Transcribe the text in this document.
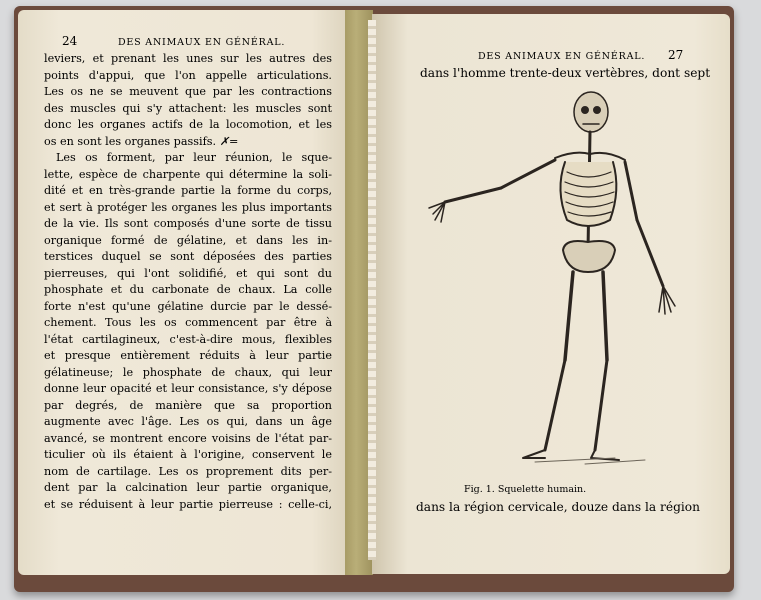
24	DES ANIMAUX EN GÉNÉRAL.
leviers, et prenant les unes sur les autres des
points d'appui, que l'on appelle articulations.
Les os ne se meuvent que par les contractions
des muscles qui s'y attachent: les muscles sont
donc les organes actifs de la locomotion, et les
os en sont les organes passifs. ✗=
Les os forment, par leur réunion, le sque-
lette, espèce de charpente qui détermine la soli-
dité et en très-grande partie la forme du corps,
et sert à protéger les organes les plus importants
de la vie. Ils sont composés d'une sorte de tissu
organique formé de gélatine, et dans les in-
terstices duquel se sont déposées des parties
pierreuses, qui l'ont solidifié, et qui sont du
phosphate et du carbonate de chaux. La colle
forte n'est qu'une gélatine durcie par le dessé-
chement. Tous les os commencent par être à
l'état cartilagineux, c'est-à-dire mous, flexibles
et presque entièrement réduits à leur partie
gélatineuse; le phosphate de chaux, qui leur
donne leur opacité et leur consistance, s'y dépose
par degrés, de manière que sa proportion
augmente avec l'âge. Les os qui, dans un âge
avancé, se montrent encore voisins de l'état par-
ticulier où ils étaient à l'origine, conservent le
nom de cartilage. Les os proprement dits per-
dent par la calcination leur partie organique,
et se réduisent à leur partie pierreuse : celle-ci,
DES ANIMAUX EN GÉNÉRAL. 27
dans l'homme trente-deux vertèbres, dont sept
Fig. 1. Squelette humain.
dans la région cervicale, douze dans la région
